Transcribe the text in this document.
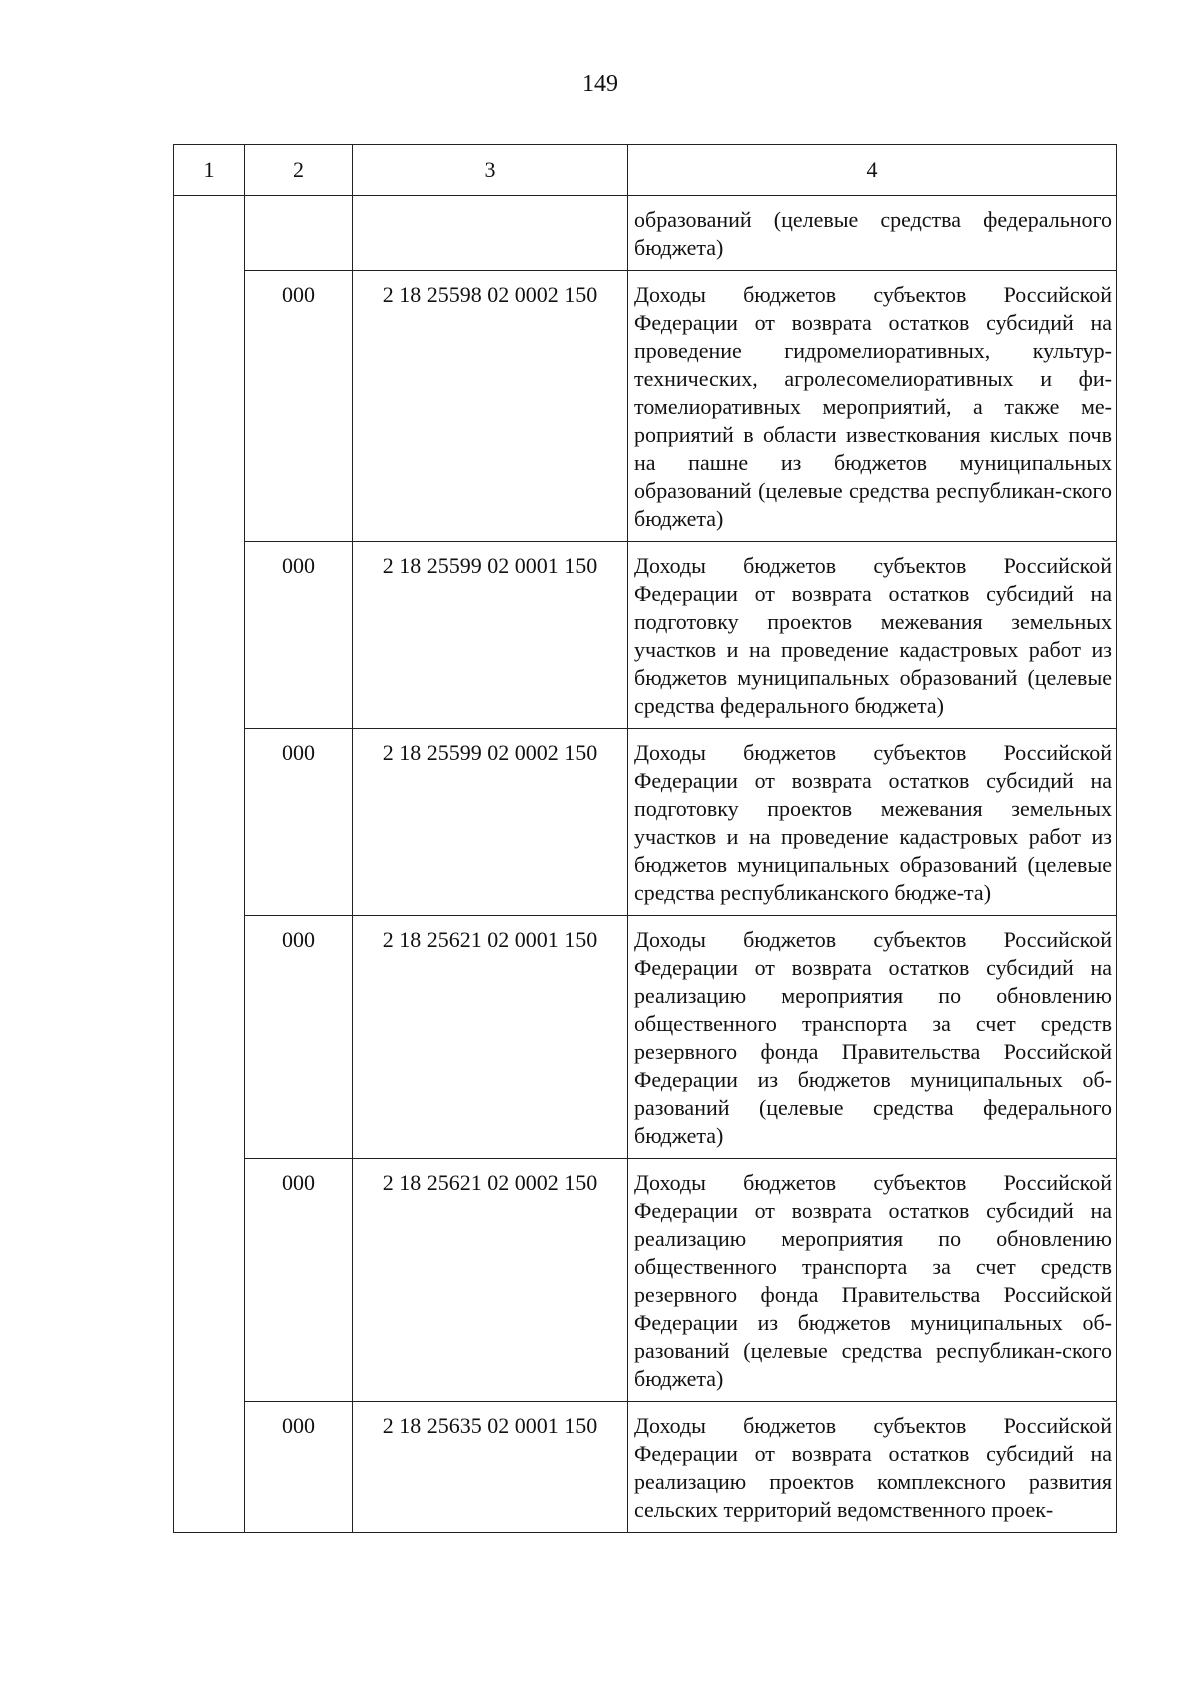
149
1	2	3	4
			образований (целевые средства федерального бюджета)
	000	2 18 25598 02 0002 150	Доходы бюджетов субъектов Российской Федерации от возврата остатков субсидий на проведение гидромелиоративных, культур-технических, агролесомелиоративных и фи-томелиоративных мероприятий, а также ме-роприятий в области известкования кислых почв на пашне из бюджетов муниципальных образований (целевые средства республикан-ского бюджета)
	000	2 18 25599 02 0001 150	Доходы бюджетов субъектов Российской Федерации от возврата остатков субсидий на подготовку проектов межевания земельных участков и на проведение кадастровых работ из бюджетов муниципальных образований (целевые средства федерального бюджета)
	000	2 18 25599 02 0002 150	Доходы бюджетов субъектов Российской Федерации от возврата остатков субсидий на подготовку проектов межевания земельных участков и на проведение кадастровых работ из бюджетов муниципальных образований (целевые средства республиканского бюдже-та)
	000	2 18 25621 02 0001 150	Доходы бюджетов субъектов Российской Федерации от возврата остатков субсидий на реализацию мероприятия по обновлению общественного транспорта за счет средств резервного фонда Правительства Российской Федерации из бюджетов муниципальных об-разований (целевые средства федерального бюджета)
	000	2 18 25621 02 0002 150	Доходы бюджетов субъектов Российской Федерации от возврата остатков субсидий на реализацию мероприятия по обновлению общественного транспорта за счет средств резервного фонда Правительства Российской Федерации из бюджетов муниципальных об-разований (целевые средства республикан-ского бюджета)
	000	2 18 25635 02 0001 150	Доходы бюджетов субъектов Российской Федерации от возврата остатков субсидий на реализацию проектов комплексного развития сельских территорий ведомственного проек-
